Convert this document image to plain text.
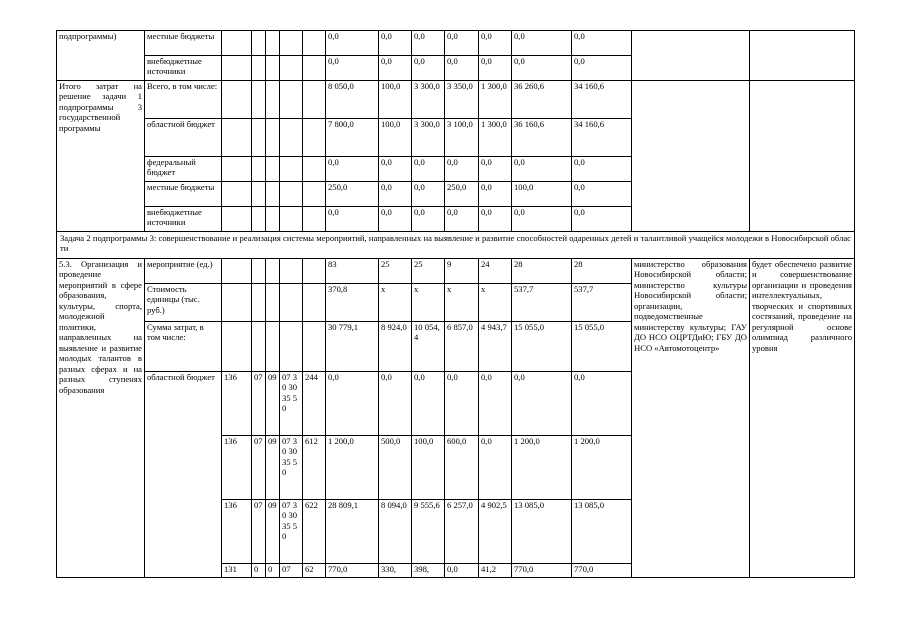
подпрограммы)	местные бюджеты						0,0	0,0	0,0	0,0	0,0	0,0	0,0		
	внебюджетные источники						0,0	0,0	0,0	0,0	0,0	0,0	0,0		
Итого затрат на решение задачи 1 подпрограммы 3 государственной программы	Всего, в том числе:						8 050,0	100,0	3 300,0	3 350,0	1 300,0	36 260,6	34 160,6		
	областной бюджет						7 800,0	100,0	3 300,0	3 100,0	1 300,0	36 160,6	34 160,6		
	федеральный бюджет						0,0	0,0	0,0	0,0	0,0	0,0	0,0		
	местные бюджеты						250,0	0,0	0,0	250,0	0,0	100,0	0,0		
	внебюджетные источники						0,0	0,0	0,0	0,0	0,0	0,0	0,0		
Задача 2 подпрограммы 3: совершенствование и реализация системы мероприятий, направленных на выявление и развитие способностей одаренных детей и талантливой учащейся молодежи в Новосибирской области															
5.3. Организация и проведение мероприятий в сфере образования, культуры, спорта, молодежной политики, направленных на выявление и развитие молодых талантов в разных сферах и на разных ступенях образования	мероприятие (ед.)						83	25	25	9	24	28	28	министерство образования Новосибирской области; министерство культуры Новосибирской области; организации, подведомственные министерству культуры; ГАУ ДО НСО ОЦРТДиЮ; ГБУ ДО НСО «Автомотоцентр»	будет обеспечено развитие и совершенствование организации и проведения интеллектуальных, творческих и спортивных состязаний, проведение на регулярной основе олимпиад различного уровня
	Стоимость единицы (тыс. руб.)						370,8	х	х	х	х	537,7	537,7		
	Сумма затрат, в том числе:						30 779,1	8 924,0	10 054,4	6 857,0	4 943,7	15 055,0	15 055,0		
	областной бюджет	136	07	09	07 30 30 35 50	244	0,0	0,0	0,0	0,0	0,0	0,0	0,0		
		136	07	09	07 30 30 35 50	612	1 200,0	500,0	100,0	600,0	0,0	1 200,0	1 200,0		
		136	07	09	07 30 30 35 50	622	28 809,1	8 094,0	9 555,6	6 257,0	4 902,5	13 085,0	13 085,0		
		131	0	0	07	62	770,0	330,	398,	0,0	41,2	770,0	770,0		
